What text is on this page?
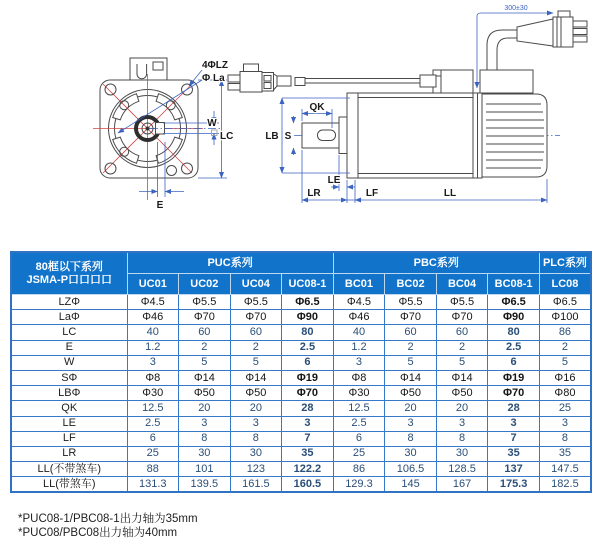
4ΦLZ
Φ La
W
LC
E
300±30
QK
S
LB
LE
LR	LF	LL
80框以下系列
JSMA-P口口口口	PUC系列				PBC系列				PLC系列
	UC01	UC02	UC04	UC08-1	BC01	BC02	BC04	BC08-1	LC08
LZΦ	Φ4.5	Φ5.5	Φ5.5	Φ6.5	Φ4.5	Φ5.5	Φ5.5	Φ6.5	Φ6.5
LaΦ	Φ46	Φ70	Φ70	Φ90	Φ46	Φ70	Φ70	Φ90	Φ100
LC	40	60	60	80	40	60	60	80	86
E	1.2	2	2	2.5	1.2	2	2	2.5	2
W	3	5	5	6	3	5	5	6	5
SΦ	Φ8	Φ14	Φ14	Φ19	Φ8	Φ14	Φ14	Φ19	Φ16
LBΦ	Φ30	Φ50	Φ50	Φ70	Φ30	Φ50	Φ50	Φ70	Φ80
QK	12.5	20	20	28	12.5	20	20	28	25
LE	2.5	3	3	3	2.5	3	3	3	3
LF	6	8	8	7	6	8	8	7	8
LR	25	30	30	35	25	30	30	35	35
LL(不带煞车)	88	101	123	122.2	86	106.5	128.5	137	147.5
LL(带煞车)	131.3	139.5	161.5	160.5	129.3	145	167	175.3	182.5
*PUC08-1/PBC08-1出力轴为35mm
*PUC08/PBC08出力轴为40mm
